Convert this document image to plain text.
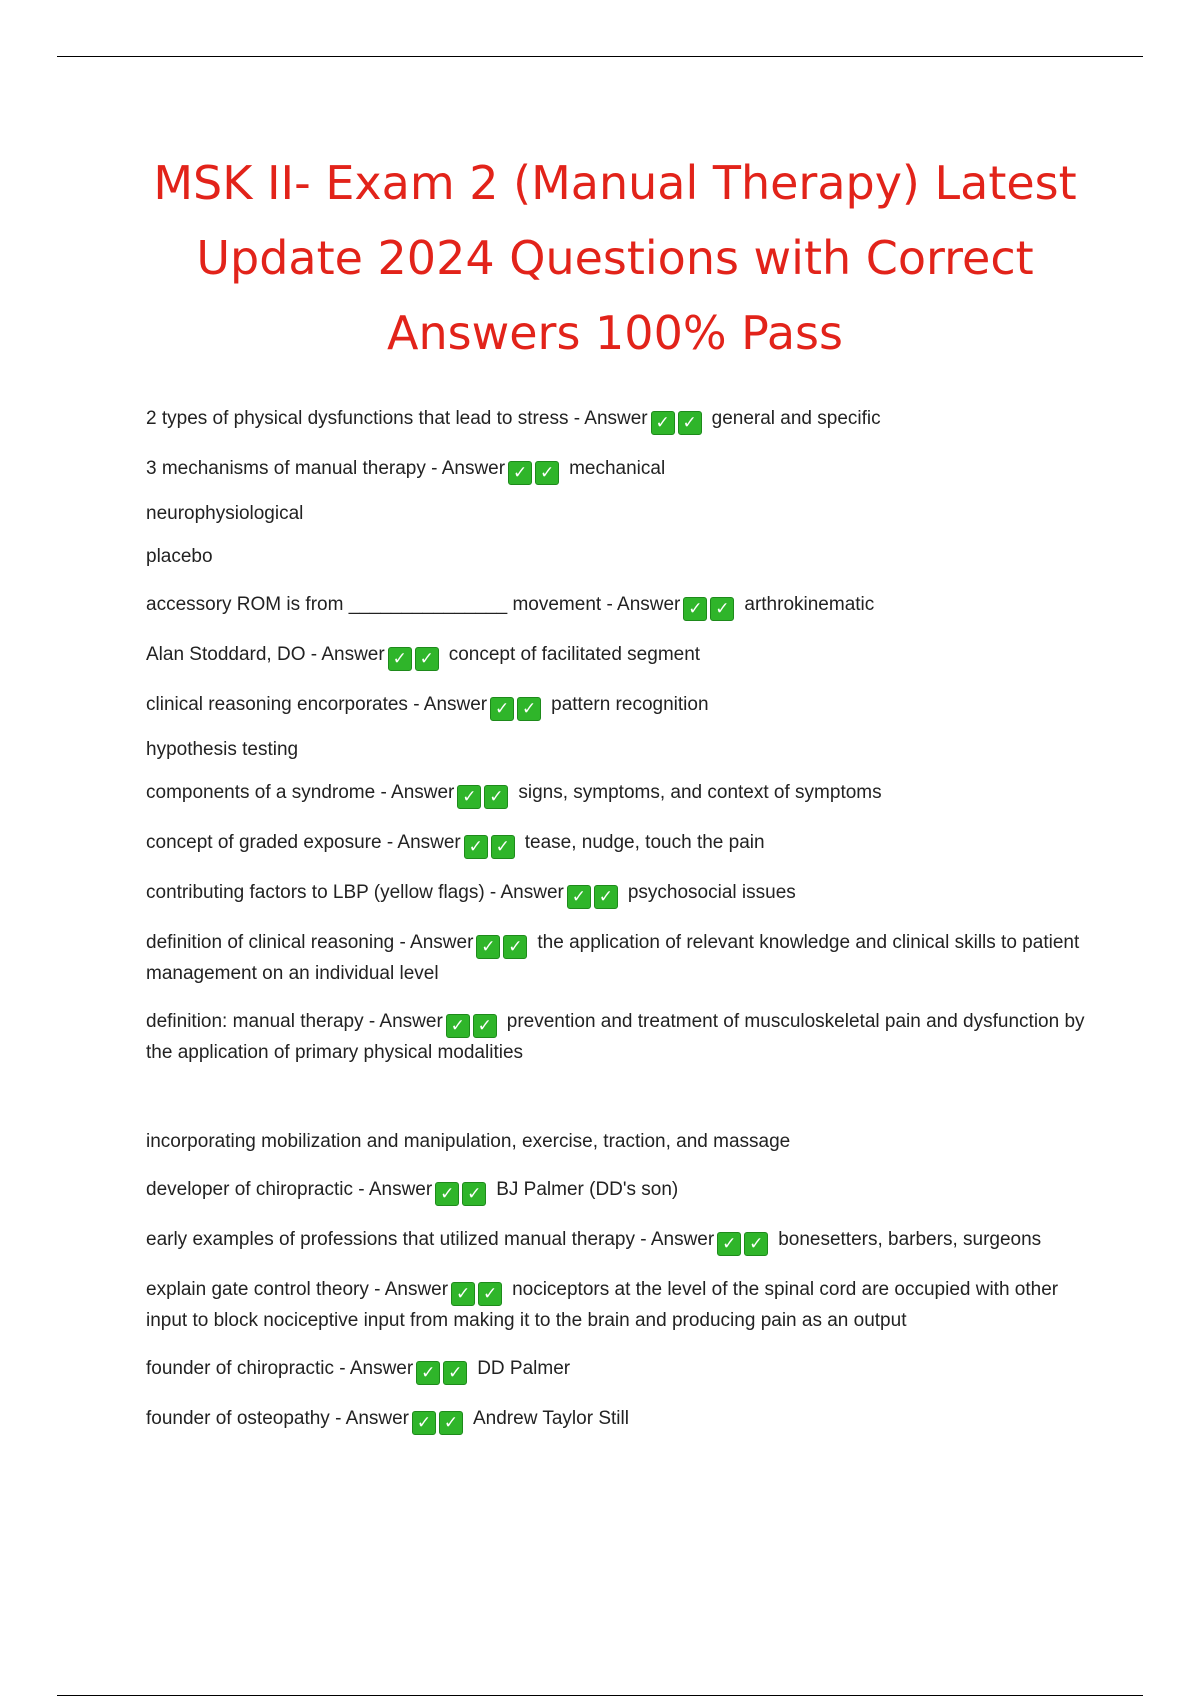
MSK II- Exam 2 (Manual Therapy) Latest Update 2024 Questions with Correct Answers 100% Pass

2 types of physical dysfunctions that lead to stress - Answer ✓ ✓ general and specific

3 mechanisms of manual therapy - Answer ✓ ✓ mechanical

neurophysiological

placebo

accessory ROM is from _______________ movement - Answer ✓ ✓ arthrokinematic

Alan Stoddard, DO - Answer ✓ ✓ concept of facilitated segment

clinical reasoning encorporates - Answer ✓ ✓ pattern recognition

hypothesis testing

components of a syndrome - Answer ✓ ✓ signs, symptoms, and context of symptoms

concept of graded exposure - Answer ✓ ✓ tease, nudge, touch the pain

contributing factors to LBP (yellow flags) - Answer ✓ ✓ psychosocial issues

definition of clinical reasoning - Answer ✓ ✓ the application of relevant knowledge and clinical skills to patient management on an individual level

definition: manual therapy - Answer ✓ ✓ prevention and treatment of musculoskeletal pain and dysfunction by the application of primary physical modalities

incorporating mobilization and manipulation, exercise, traction, and massage

developer of chiropractic - Answer ✓ ✓ BJ Palmer (DD's son)

early examples of professions that utilized manual therapy - Answer ✓ ✓ bonesetters, barbers, surgeons

explain gate control theory - Answer ✓ ✓ nociceptors at the level of the spinal cord are occupied with other input to block nociceptive input from making it to the brain and producing pain as an output

founder of chiropractic - Answer ✓ ✓ DD Palmer

founder of osteopathy - Answer ✓ ✓ Andrew Taylor Still
